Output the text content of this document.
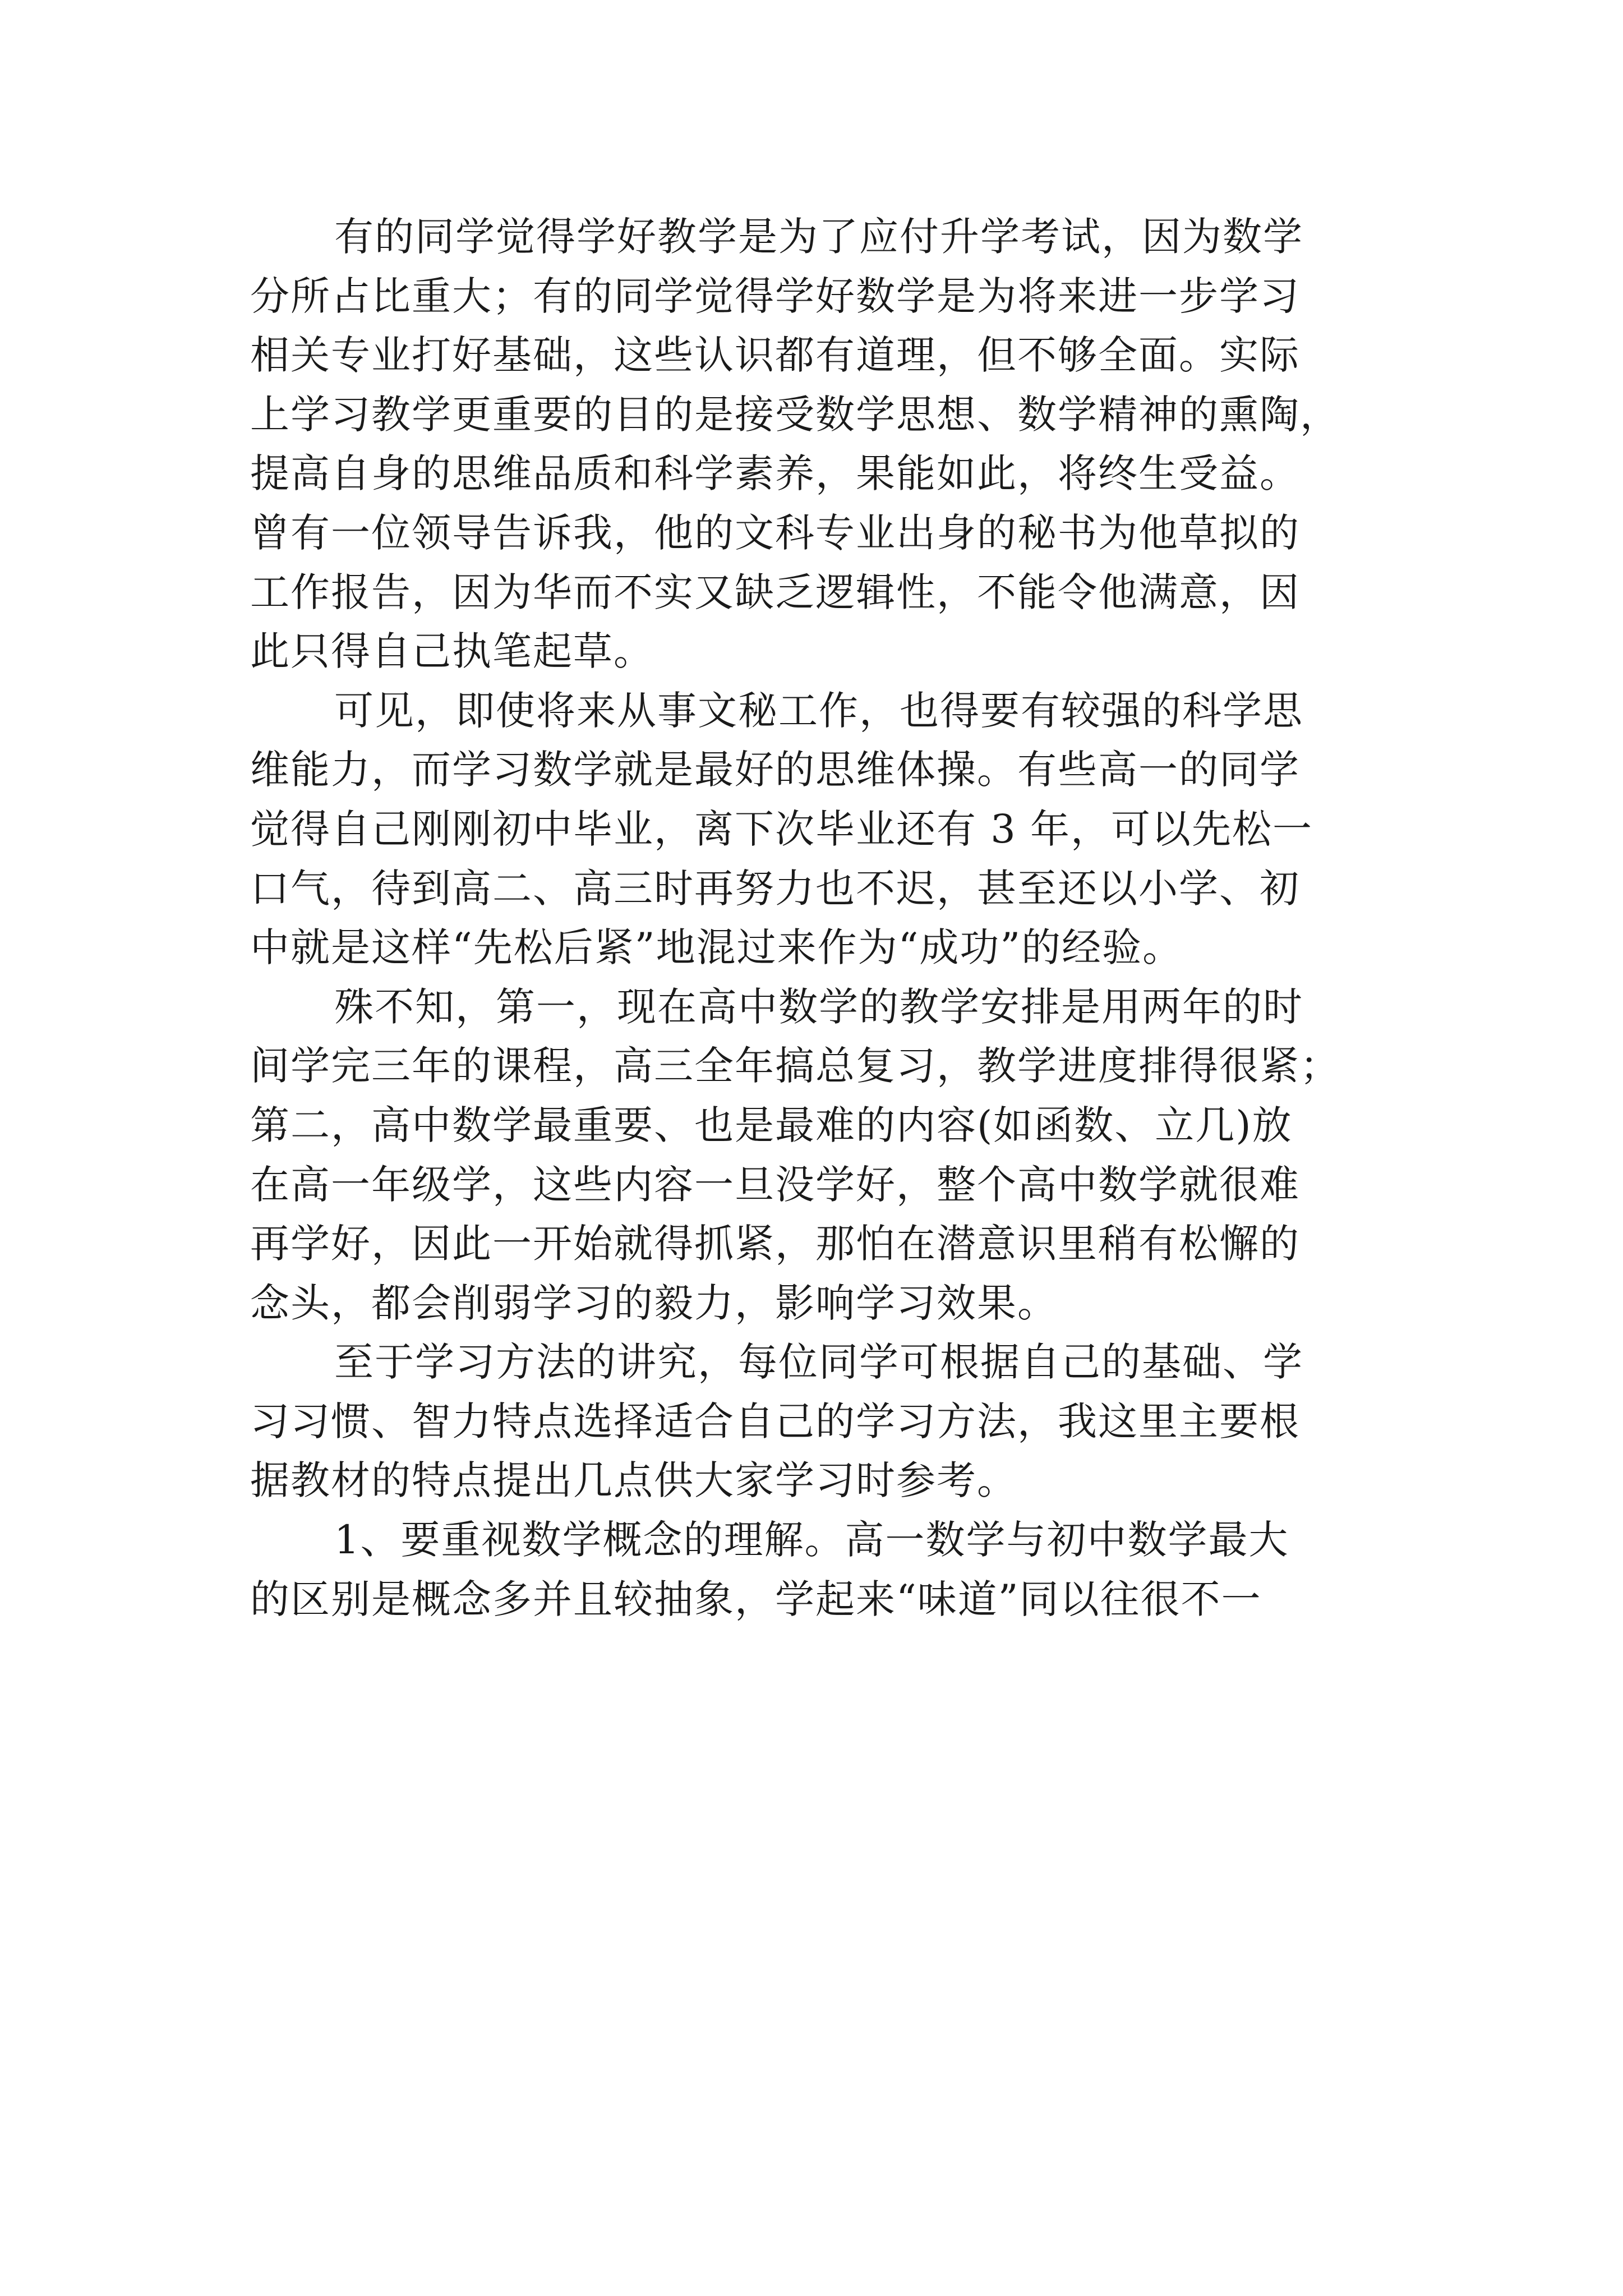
有的同学觉得学好教学是为了应付升学考试，因为数学
分所占比重大；有的同学觉得学好数学是为将来进一步学习
相关专业打好基础，这些认识都有道理，但不够全面。实际
上学习教学更重要的目的是接受数学思想、数学精神的熏陶，
提高自身的思维品质和科学素养，果能如此，将终生受益。
曾有一位领导告诉我，他的文科专业出身的秘书为他草拟的
工作报告，因为华而不实又缺乏逻辑性，不能令他满意，因
此只得自己执笔起草。
可见，即使将来从事文秘工作，也得要有较强的科学思
维能力，而学习数学就是最好的思维体操。有些高一的同学
觉得自己刚刚初中毕业，离下次毕业还有 3 年，可以先松一
口气，待到高二、高三时再努力也不迟，甚至还以小学、初
中就是这样“先松后紧”地混过来作为“成功”的经验。
殊不知，第一，现在高中数学的教学安排是用两年的时
间学完三年的课程，高三全年搞总复习，教学进度排得很紧；
第二，高中数学最重要、也是最难的内容(如函数、立几)放
在高一年级学，这些内容一旦没学好，整个高中数学就很难
再学好，因此一开始就得抓紧，那怕在潜意识里稍有松懈的
念头，都会削弱学习的毅力，影响学习效果。
至于学习方法的讲究，每位同学可根据自己的基础、学
习习惯、智力特点选择适合自己的学习方法，我这里主要根
据教材的特点提出几点供大家学习时参考。
1、要重视数学概念的理解。高一数学与初中数学最大
的区别是概念多并且较抽象，学起来“味道”同以往很不一
